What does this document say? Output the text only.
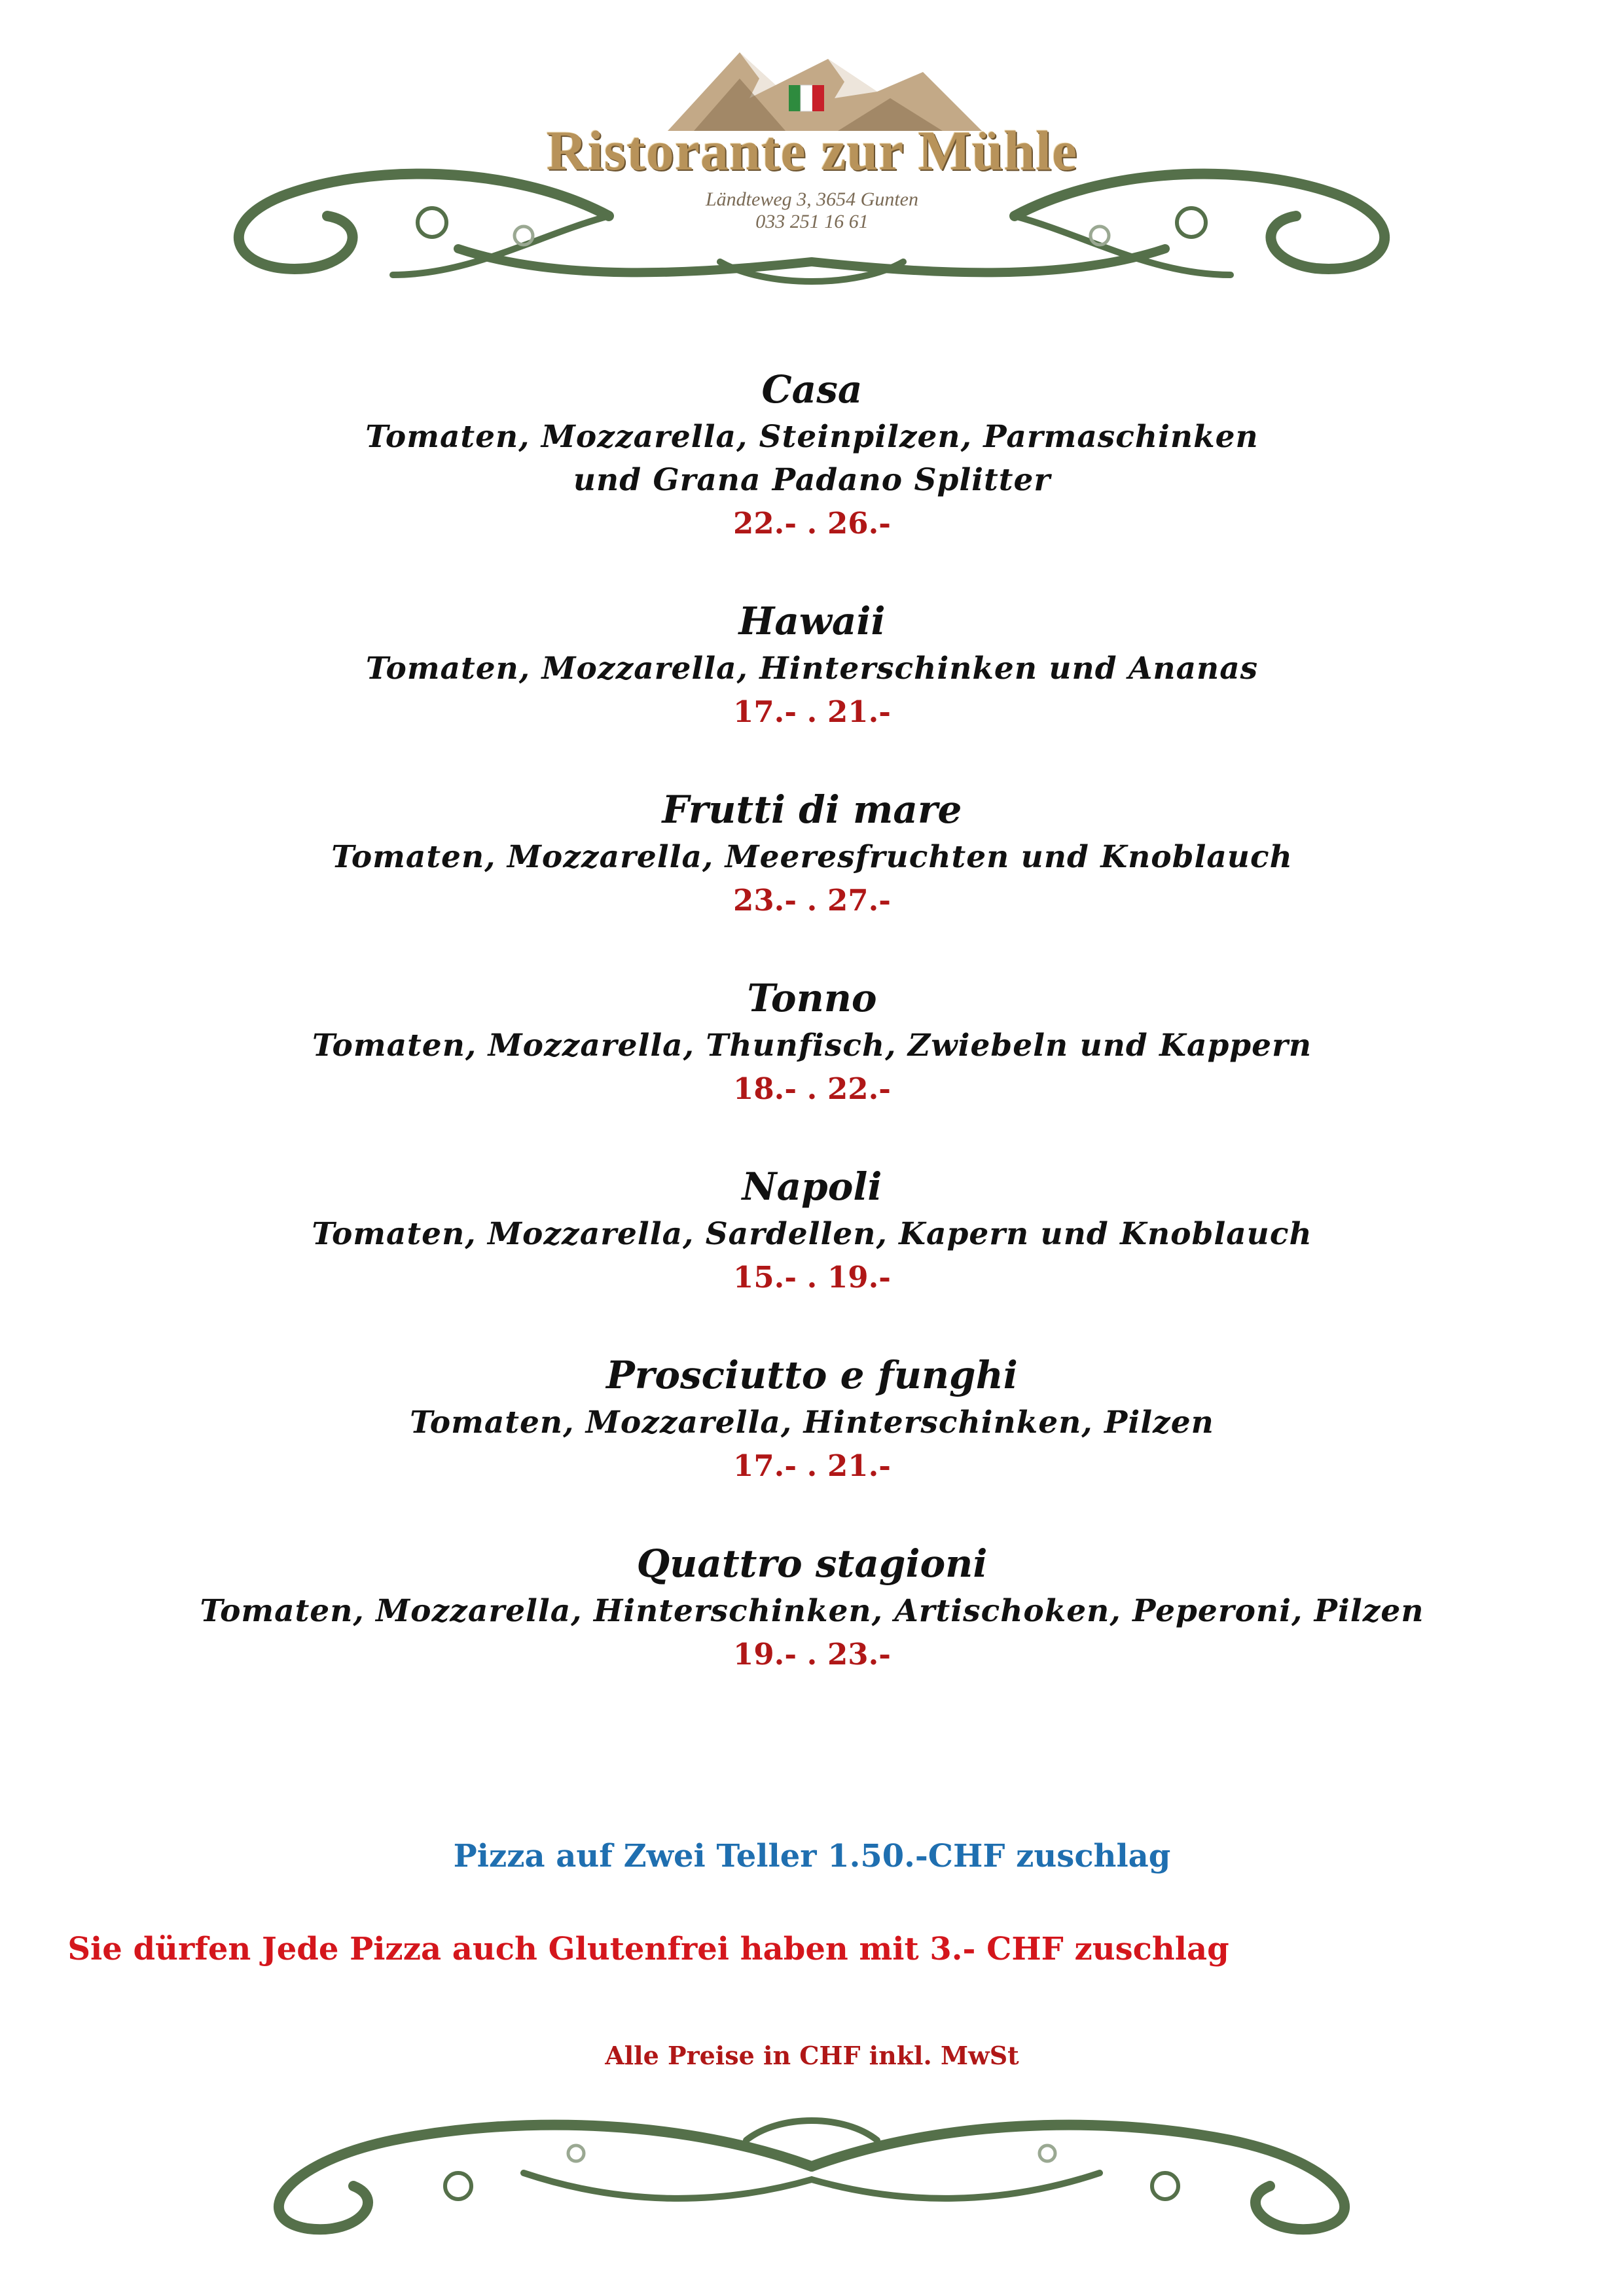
Ristorante zur Mühle
Ländteweg 3, 3654 Gunten
033 251 16 61
Casa
Tomaten, Mozzarella, Steinpilzen, Parmaschinken
und Grana Padano Splitter
22.- . 26.-
Hawaii
Tomaten, Mozzarella, Hinterschinken und Ananas
17.- . 21.-
Frutti di mare
Tomaten, Mozzarella, Meeresfruchten und Knoblauch
23.- . 27.-
Tonno
Tomaten, Mozzarella, Thunfisch, Zwiebeln und Kappern
18.- . 22.-
Napoli
Tomaten, Mozzarella, Sardellen, Kapern und Knoblauch
15.- . 19.-
Prosciutto e funghi
Tomaten, Mozzarella, Hinterschinken, Pilzen
17.- . 21.-
Quattro stagioni
Tomaten, Mozzarella, Hinterschinken, Artischoken, Peperoni, Pilzen
19.- . 23.-
Pizza auf Zwei Teller 1.50.-CHF zuschlag
Sie dürfen Jede Pizza auch Glutenfrei haben mit 3.- CHF zuschlag
Alle Preise in CHF inkl. MwSt
